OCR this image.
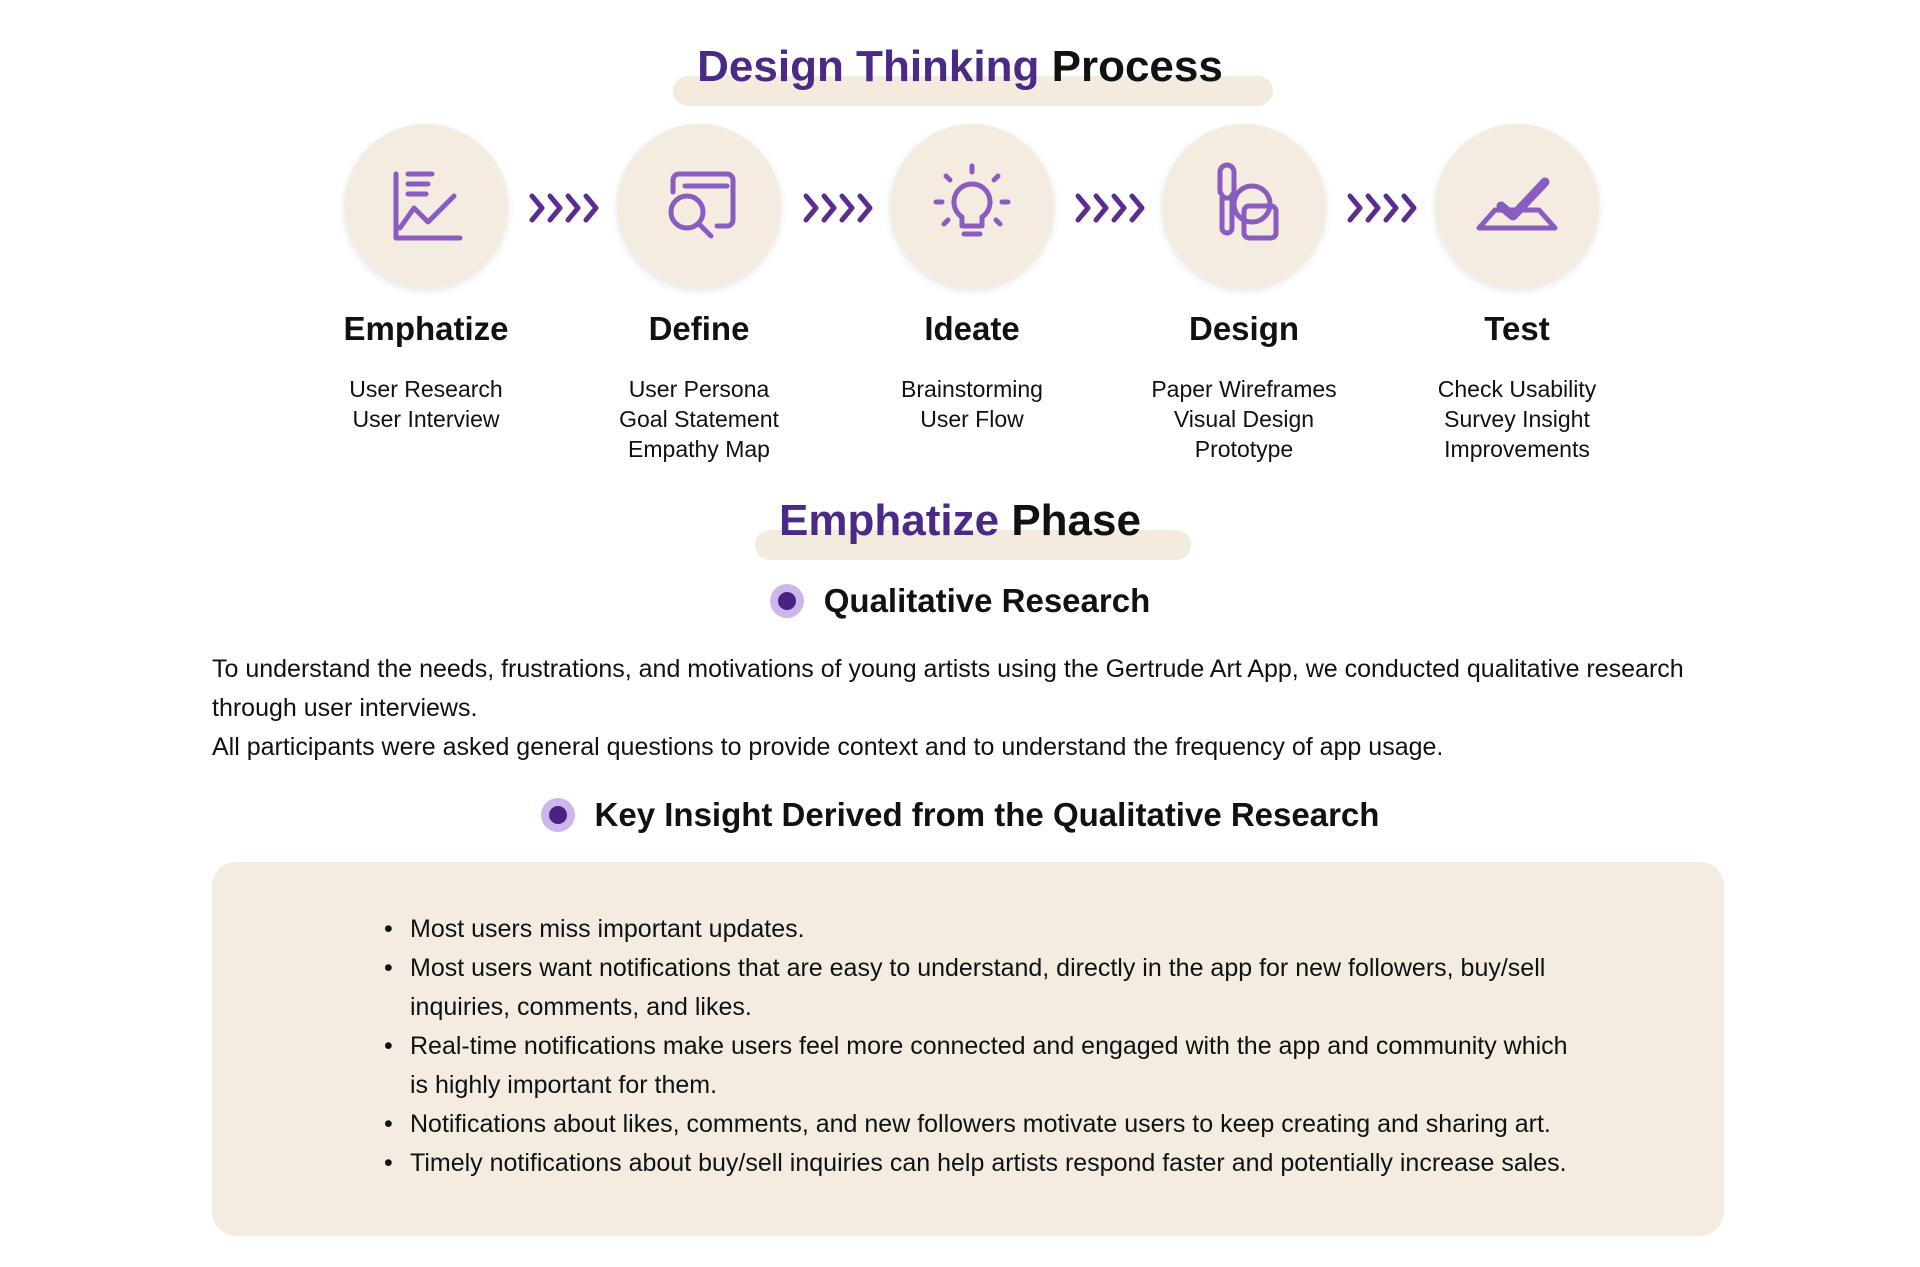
Design Thinking Process
Emphatize
User Research
User Interview
Define
User Persona
Goal Statement
Empathy Map
Ideate
Brainstorming
User Flow
Design
Paper Wireframes
Visual Design
Prototype
Test
Check Usability
Survey Insight
Improvements
Emphatize Phase
Qualitative Research

To understand the needs, frustrations, and motivations of young artists using the Gertrude Art App, we conducted qualitative research through user interviews.

All participants were asked general questions to provide context and to understand the frequency of app usage.

Key Insight Derived from the Qualitative Research
• Most users miss important updates.
• Most users want notifications that are easy to understand, directly in the app for new followers, buy/sell inquiries, comments, and likes.
• Real-time notifications make users feel more connected and engaged with the app and community which is highly important for them.
• Notifications about likes, comments, and new followers motivate users to keep creating and sharing art.
• Timely notifications about buy/sell inquiries can help artists respond faster and potentially increase sales.
